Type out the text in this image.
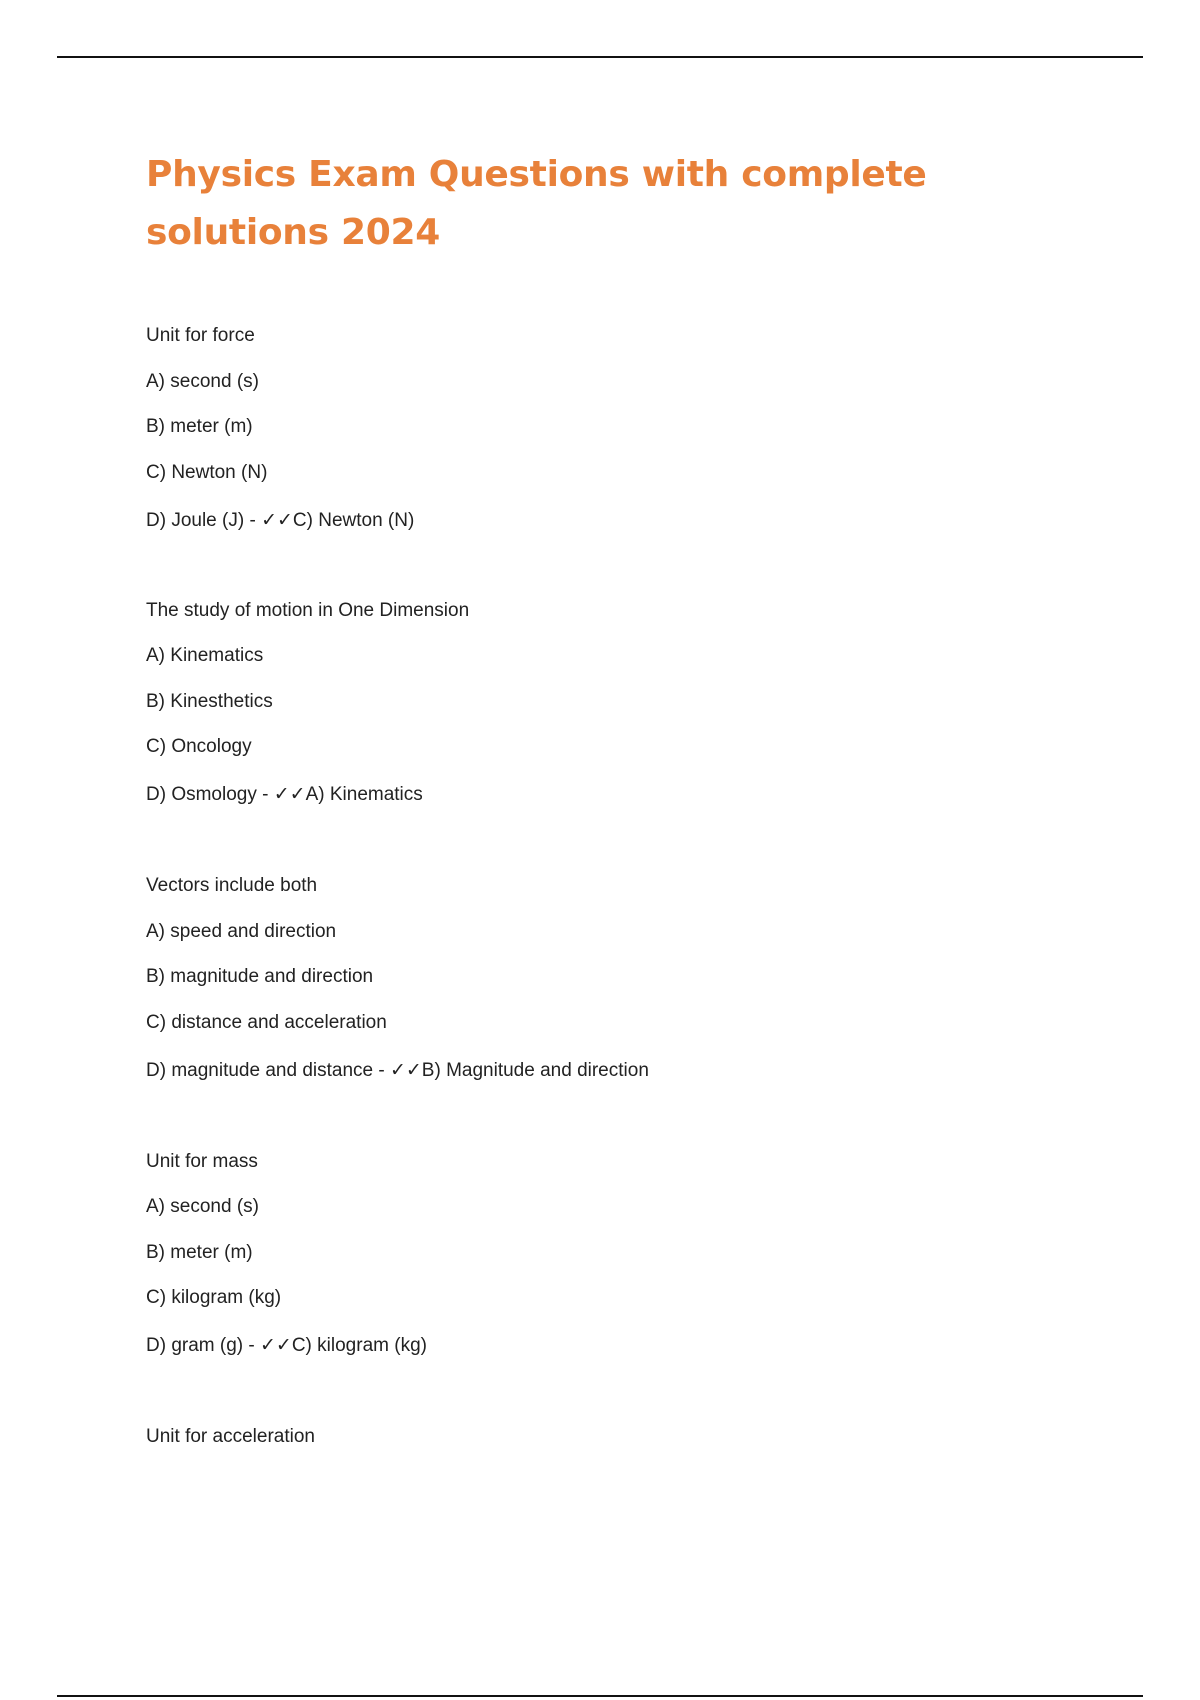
Physics Exam Questions with complete solutions 2024
Unit for force
A) second (s)
B) meter (m)
C) Newton (N)
D) Joule (J) - ✓✓C) Newton (N)
The study of motion in One Dimension
A) Kinematics
B) Kinesthetics
C) Oncology
D) Osmology - ✓✓A) Kinematics
Vectors include both
A) speed and direction
B) magnitude and direction
C) distance and acceleration
D) magnitude and distance - ✓✓B) Magnitude and direction
Unit for mass
A) second (s)
B) meter (m)
C) kilogram (kg)
D) gram (g) - ✓✓C) kilogram (kg)
Unit for acceleration
